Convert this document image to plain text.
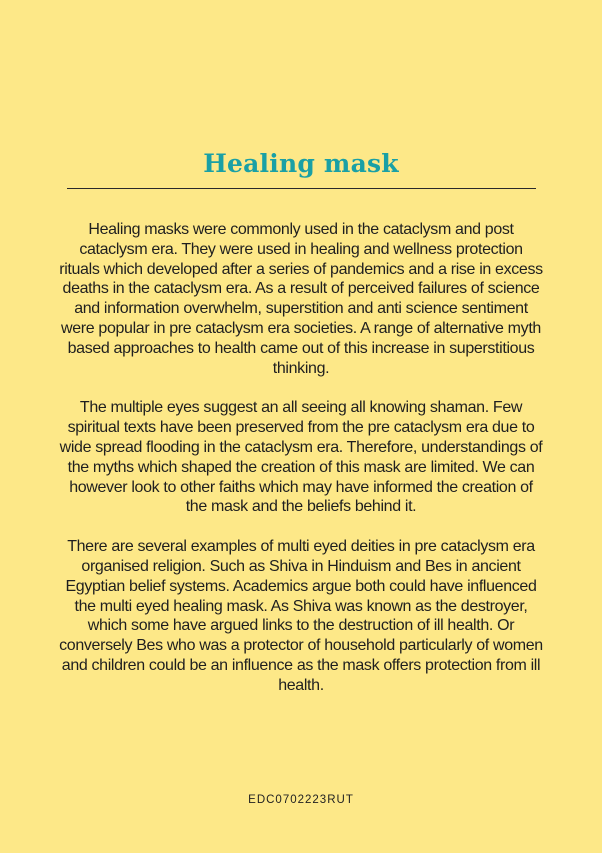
Healing mask

Healing masks were commonly used in the cataclysm and post cataclysm era. They were used in healing and wellness protection rituals which developed after a series of pandemics and a rise in excess deaths in the cataclysm era. As a result of perceived failures of science and information overwhelm, superstition and anti science sentiment were popular in pre cataclysm era societies. A range of alternative myth based approaches to health came out of this increase in superstitious thinking.

The multiple eyes suggest an all seeing all knowing shaman. Few spiritual texts have been preserved from the pre cataclysm era due to wide spread flooding in the cataclysm era. Therefore, understandings of the myths which shaped the creation of this mask are limited. We can however look to other faiths which may have informed the creation of the mask and the beliefs behind it.

There are several examples of multi eyed deities in pre cataclysm era organised religion. Such as Shiva in Hinduism and Bes in ancient Egyptian belief systems. Academics argue both could have influenced the multi eyed healing mask. As Shiva was known as the destroyer, which some have argued links to the destruction of ill health. Or conversely Bes who was a protector of household particularly of women and children could be an influence as the mask offers protection from ill health.

EDC0702223RUT
